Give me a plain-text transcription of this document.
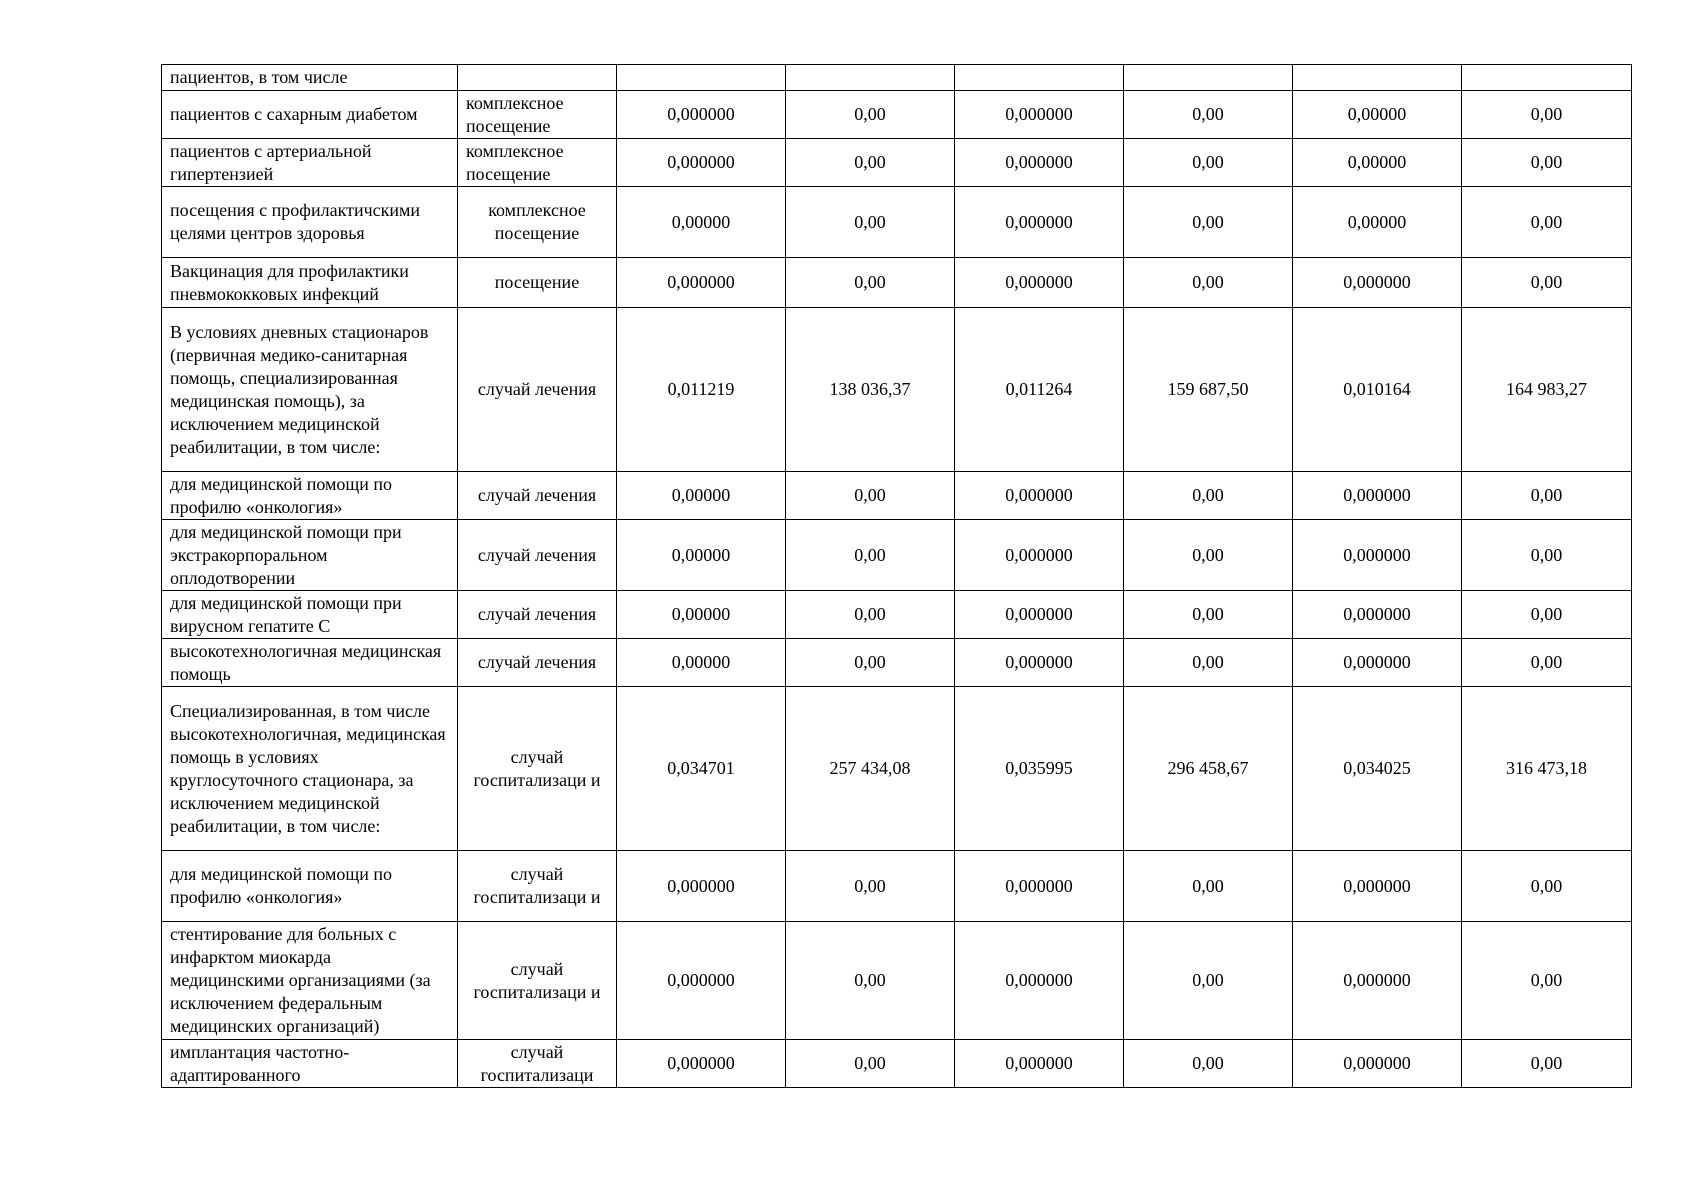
пациентов, в том числе							
пациентов с сахарным диабетом	комплексное посещение	0,000000	0,00	0,000000	0,00	0,00000	0,00
пациентов с артериальной гипертензией	комплексное посещение	0,000000	0,00	0,000000	0,00	0,00000	0,00
посещения с профилактичскими целями центров здоровья	комплексное посещение	0,00000	0,00	0,000000	0,00	0,00000	0,00
Вакцинация для профилактики пневмококковых инфекций	посещение	0,000000	0,00	0,000000	0,00	0,000000	0,00
В условиях дневных стационаров (первичная медико-санитарная помощь, специализированная медицинская помощь), за исключением медицинской реабилитации, в том числе:	случай лечения	0,011219	138 036,37	0,011264	159 687,50	0,010164	164 983,27
для медицинской помощи по профилю «онкология»	случай лечения	0,00000	0,00	0,000000	0,00	0,000000	0,00
для медицинской помощи при экстракорпоральном оплодотворении	случай лечения	0,00000	0,00	0,000000	0,00	0,000000	0,00
для медицинской помощи при вирусном гепатите С	случай лечения	0,00000	0,00	0,000000	0,00	0,000000	0,00
высокотехнологичная медицинская помощь	случай лечения	0,00000	0,00	0,000000	0,00	0,000000	0,00
Специализированная, в том числе высокотехнологичная, медицинская помощь в условиях круглосуточного стационара, за исключением медицинской реабилитации, в том числе:	случай госпитализаци и	0,034701	257 434,08	0,035995	296 458,67	0,034025	316 473,18
для медицинской помощи по профилю «онкология»	случай госпитализаци и	0,000000	0,00	0,000000	0,00	0,000000	0,00
стентирование для больных с инфарктом миокарда медицинскими организациями (за исключением федеральным медицинских организаций)	случай госпитализаци и	0,000000	0,00	0,000000	0,00	0,000000	0,00
имплантация частотно- адаптированного	случай госпитализаци	0,000000	0,00	0,000000	0,00	0,000000	0,00
